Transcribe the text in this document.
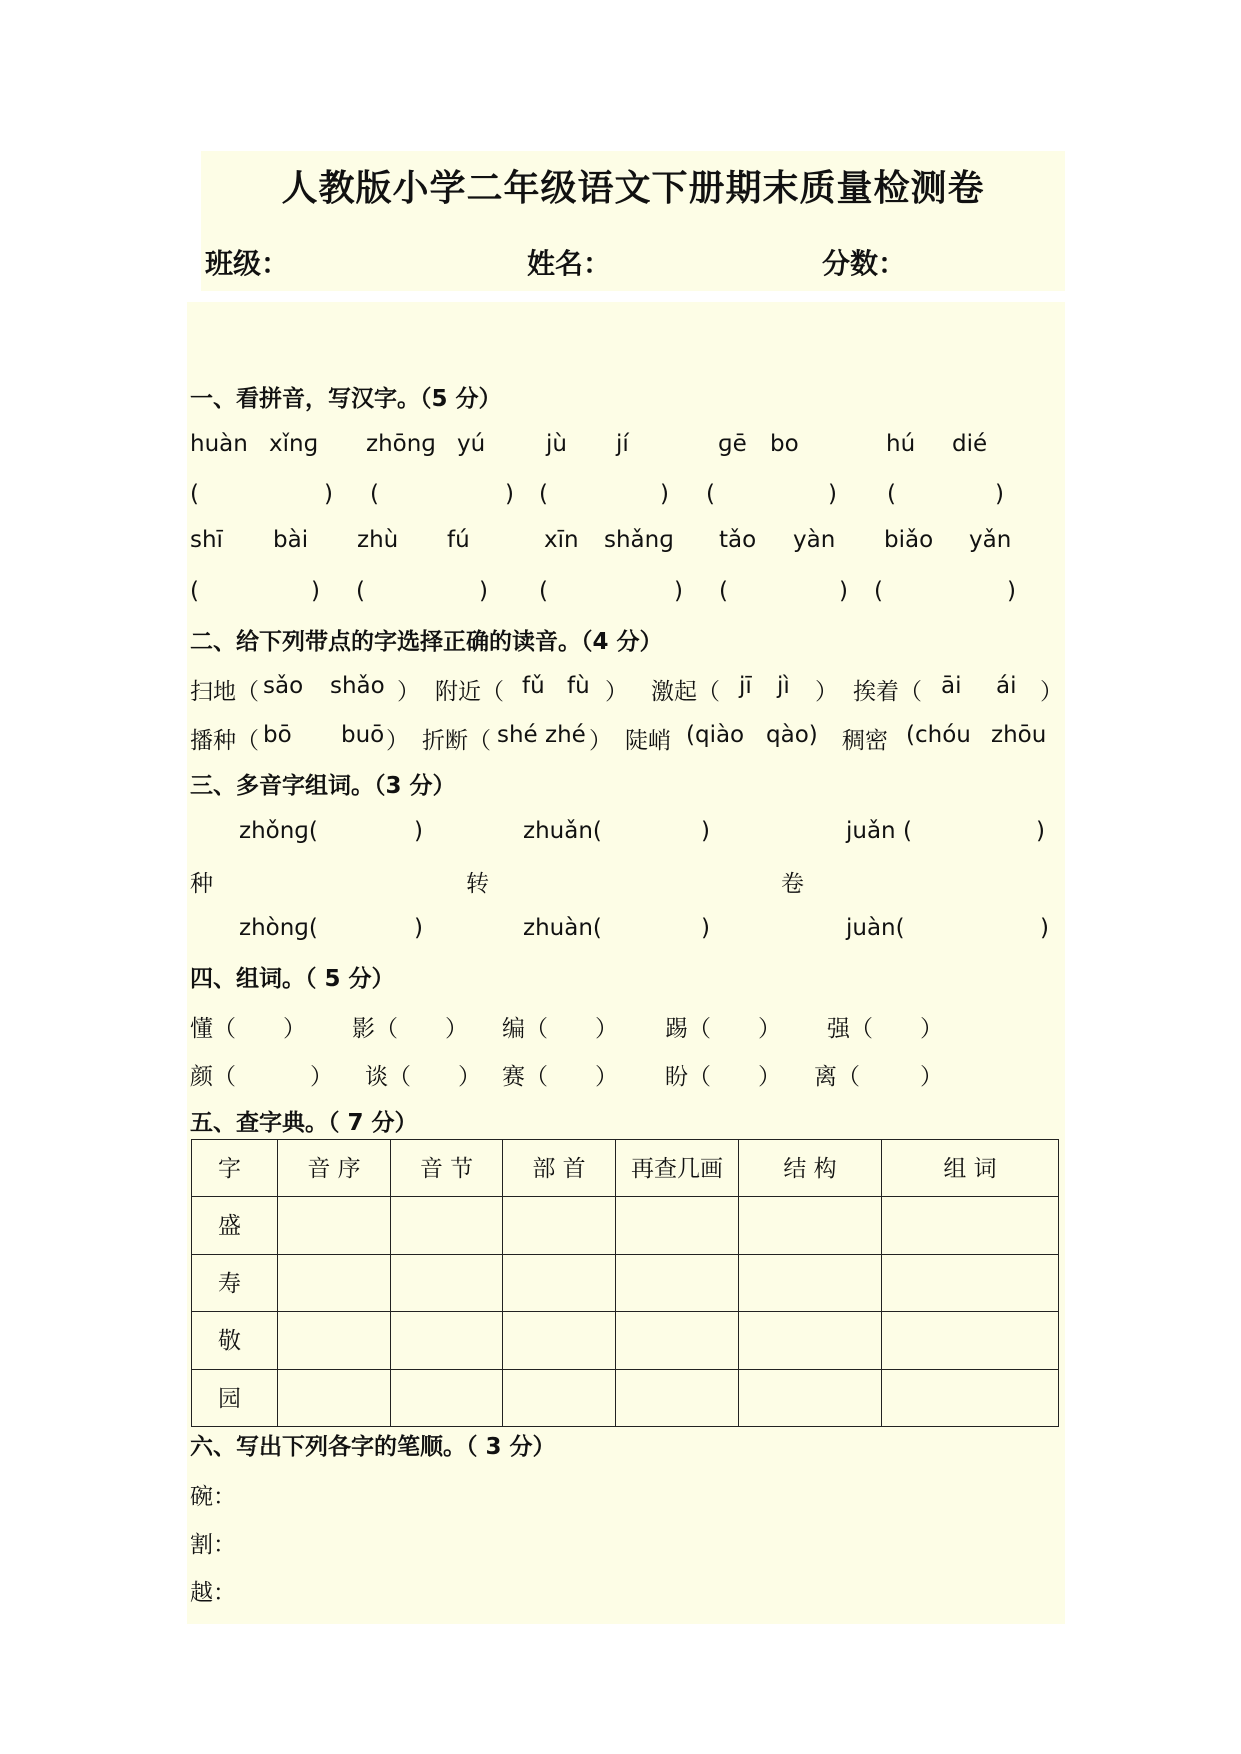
人教版小学二年级语文下册期末质量检测卷
班级：	姓名：	分数：
一、看拼音，写汉字。（5 分）
huàn xǐnɡ zhōnɡ yú	jù jí	ɡē bo	hú dié
(	) (	) (	) (	) (	)
shī bài zhù fú	xīn shǎnɡ tǎo yàn biǎo yǎn
(	) (	) (	) (	) (	)
二、给下列带点的字选择正确的读音。（4 分）
扫地（ sǎo shǎo ） 附近（ fǔ fù ） 激起（ jī jì ） 挨着（ āi ái ）
播种（ bō buō ） 折断（ shé zhé ） 陡峭 (qiào qào) 稠密 (chóu zhōu
三、多音字组词。（3 分）
zhǒnɡ(	)	zhuǎn(	)	juǎn (	)
种	转	卷
zhònɡ(	)	zhuàn(	)	juàn(	)
四、组词。（ 5 分）
懂（ ） 影（ ） 编（ ） 踢（ ） 强（ ）
颜（	） 谈（ ） 赛（ ） 盼（ ） 离（	）
五、查字典。（ 7 分）
字	音 序	音 节	部 首	再查几画	结 构	组 词
盛						
寿						
敬						
园						
六、写出下列各字的笔顺。（ 3 分）
碗：
割：
越：
